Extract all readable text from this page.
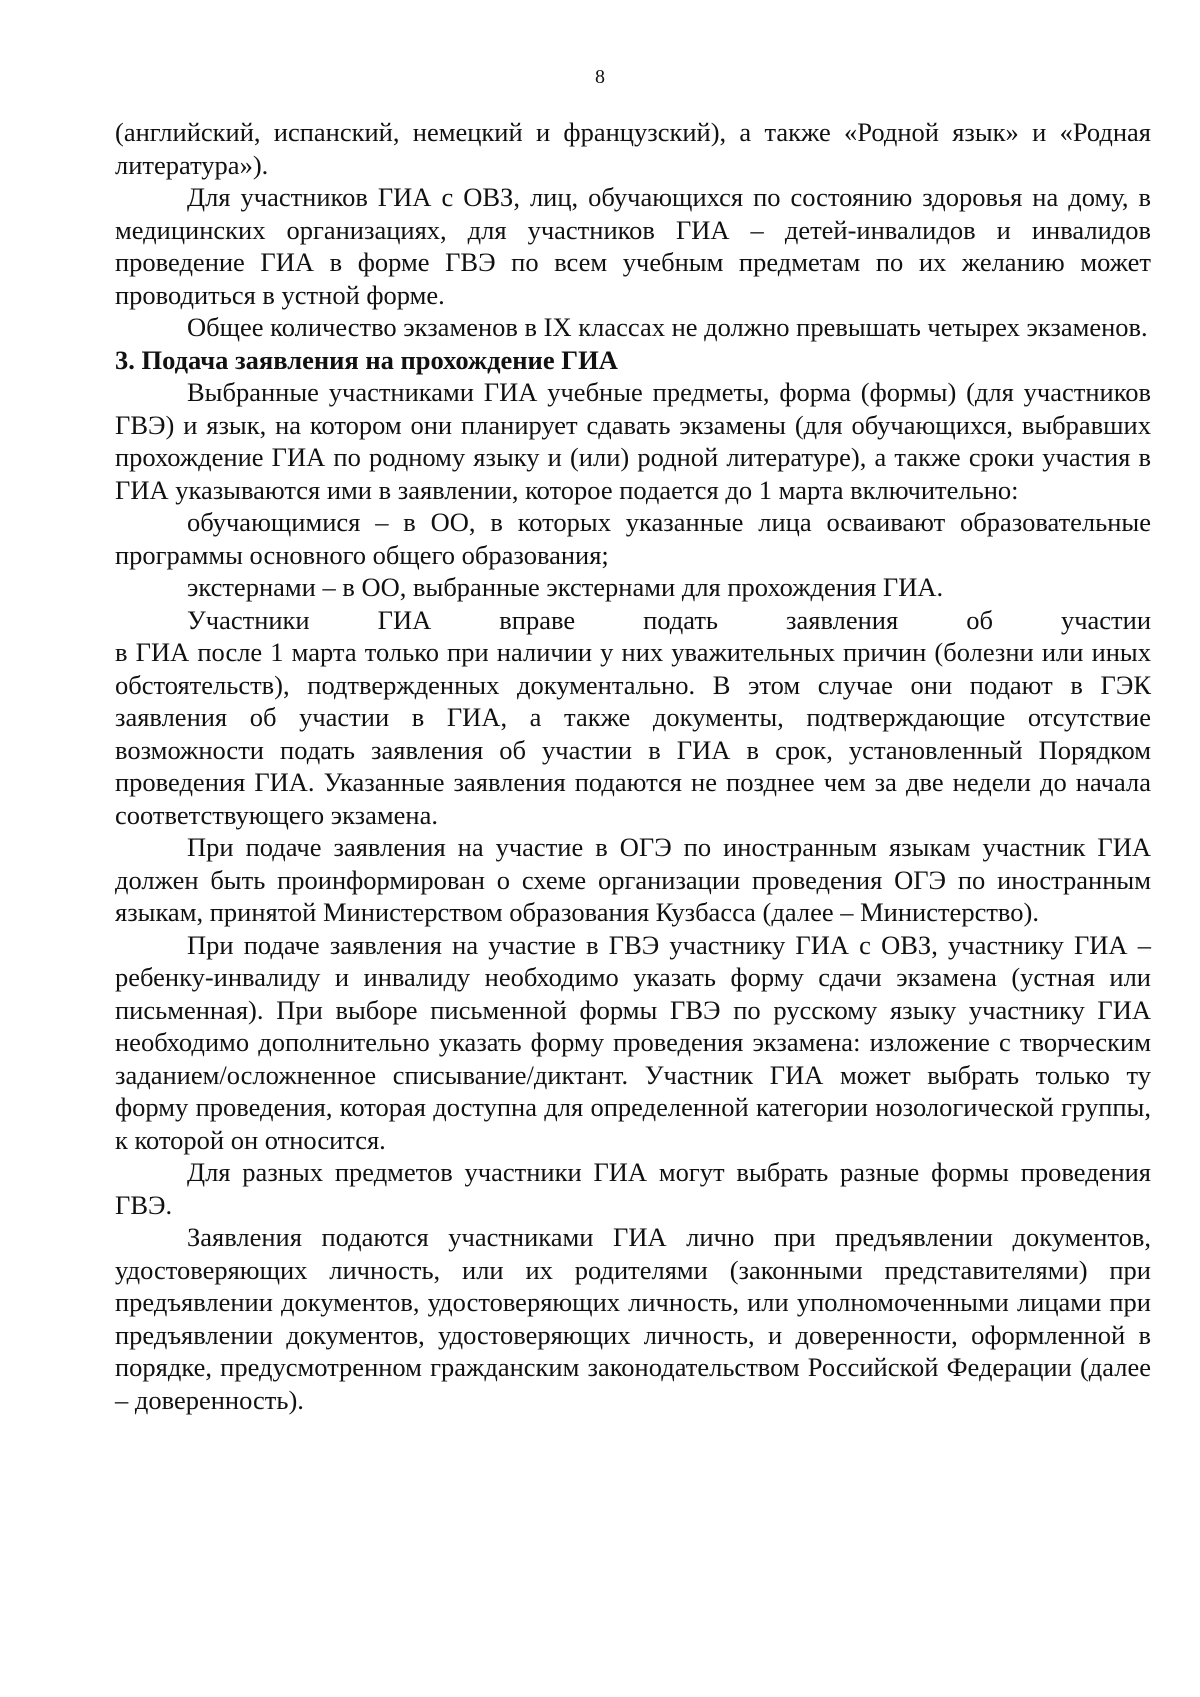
8

(английский, испанский, немецкий и французский), а также «Родной язык» и «Родная литература»).

Для участников ГИА с ОВЗ, лиц, обучающихся по состоянию здоровья на дому, в медицинских организациях, для участников ГИА – детей-инвалидов и инвалидов проведение ГИА в форме ГВЭ по всем учебным предметам по их желанию может проводиться в устной форме.

Общее количество экзаменов в IX классах не должно превышать четырех экзаменов.

3. Подача заявления на прохождение ГИА

Выбранные участниками ГИА учебные предметы, форма (формы) (для участников ГВЭ) и язык, на котором они планирует сдавать экзамены (для обучающихся, выбравших прохождение ГИА по родному языку и (или) родной литературе), а также сроки участия в ГИА указываются ими в заявлении, которое подается до 1 марта включительно:

обучающимися – в ОО, в которых указанные лица осваивают образовательные программы основного общего образования;

экстернами – в ОО, выбранные экстернами для прохождения ГИА.

Участники ГИА вправе подать заявления об участии

в ГИА после 1 марта только при наличии у них уважительных причин (болезни или иных обстоятельств), подтвержденных документально. В этом случае они подают в ГЭК заявления об участии в ГИА, а также документы, подтверждающие отсутствие возможности подать заявления об участии в ГИА в срок, установленный Порядком проведения ГИА. Указанные заявления подаются не позднее чем за две недели до начала соответствующего экзамена.

При подаче заявления на участие в ОГЭ по иностранным языкам участник ГИА должен быть проинформирован о схеме организации проведения ОГЭ по иностранным языкам, принятой Министерством образования Кузбасса (далее – Министерство).

При подаче заявления на участие в ГВЭ участнику ГИА с ОВЗ, участнику ГИА – ребенку-инвалиду и инвалиду необходимо указать форму сдачи экзамена (устная или письменная). При выборе письменной формы ГВЭ по русскому языку участнику ГИА необходимо дополнительно указать форму проведения экзамена: изложение с творческим заданием/осложненное списывание/диктант. Участник ГИА может выбрать только ту форму проведения, которая доступна для определенной категории нозологической группы, к которой он относится.

Для разных предметов участники ГИА могут выбрать разные формы проведения ГВЭ.

Заявления подаются участниками ГИА лично при предъявлении документов, удостоверяющих личность, или их родителями (законными представителями) при предъявлении документов, удостоверяющих личность, или уполномоченными лицами при предъявлении документов, удостоверяющих личность, и доверенности, оформленной в порядке, предусмотренном гражданским законодательством Российской Федерации (далее – доверенность).
